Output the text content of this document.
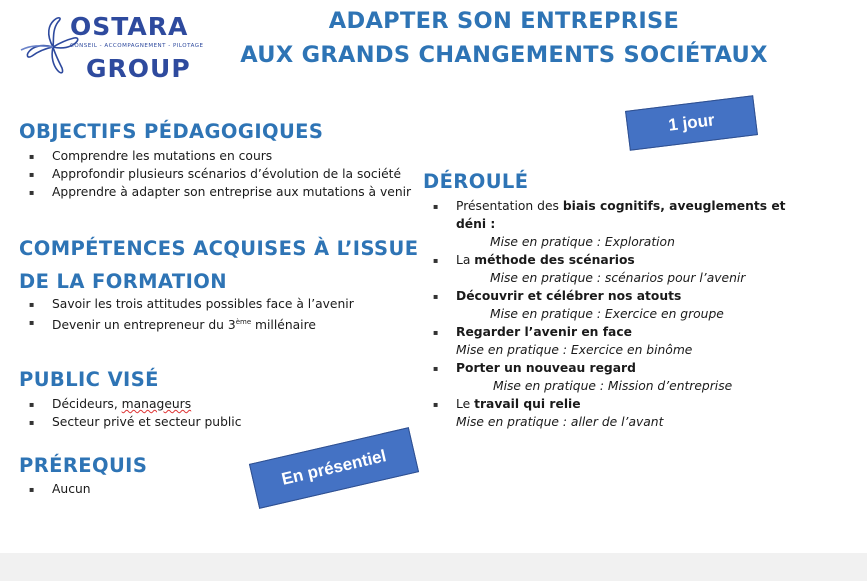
OSTARA
CONSEIL - ACCOMPAGNEMENT - PILOTAGE
GROUP
ADAPTER SON ENTREPRISE
AUX GRANDS CHANGEMENTS SOCIÉTAUX
OBJECTIFS PÉDAGOGIQUES
▪ Comprendre les mutations en cours
▪ Approfondir plusieurs scénarios d’évolution de la société
▪ Apprendre à adapter son entreprise aux mutations à venir
COMPÉTENCES ACQUISES À L’ISSUE
DE LA FORMATION
▪ Savoir les trois attitudes possibles face à l’avenir
▪ Devenir un entrepreneur du 3ème millénaire
PUBLIC VISÉ
▪ Décideurs, manageurs
▪ Secteur privé et secteur public
PRÉREQUIS
▪ Aucun
DÉROULÉ
▪ Présentation des biais cognitifs, aveuglements et
déni :
Mise en pratique : Exploration
▪ La méthode des scénarios
Mise en pratique : scénarios pour l’avenir
▪ Découvrir et célébrer nos atouts
Mise en pratique : Exercice en groupe
▪ Regarder l’avenir en face
Mise en pratique : Exercice en binôme
▪ Porter un nouveau regard
Mise en pratique : Mission d’entreprise
▪ Le travail qui relie
Mise en pratique : aller de l’avant
1 jour
En présentiel
